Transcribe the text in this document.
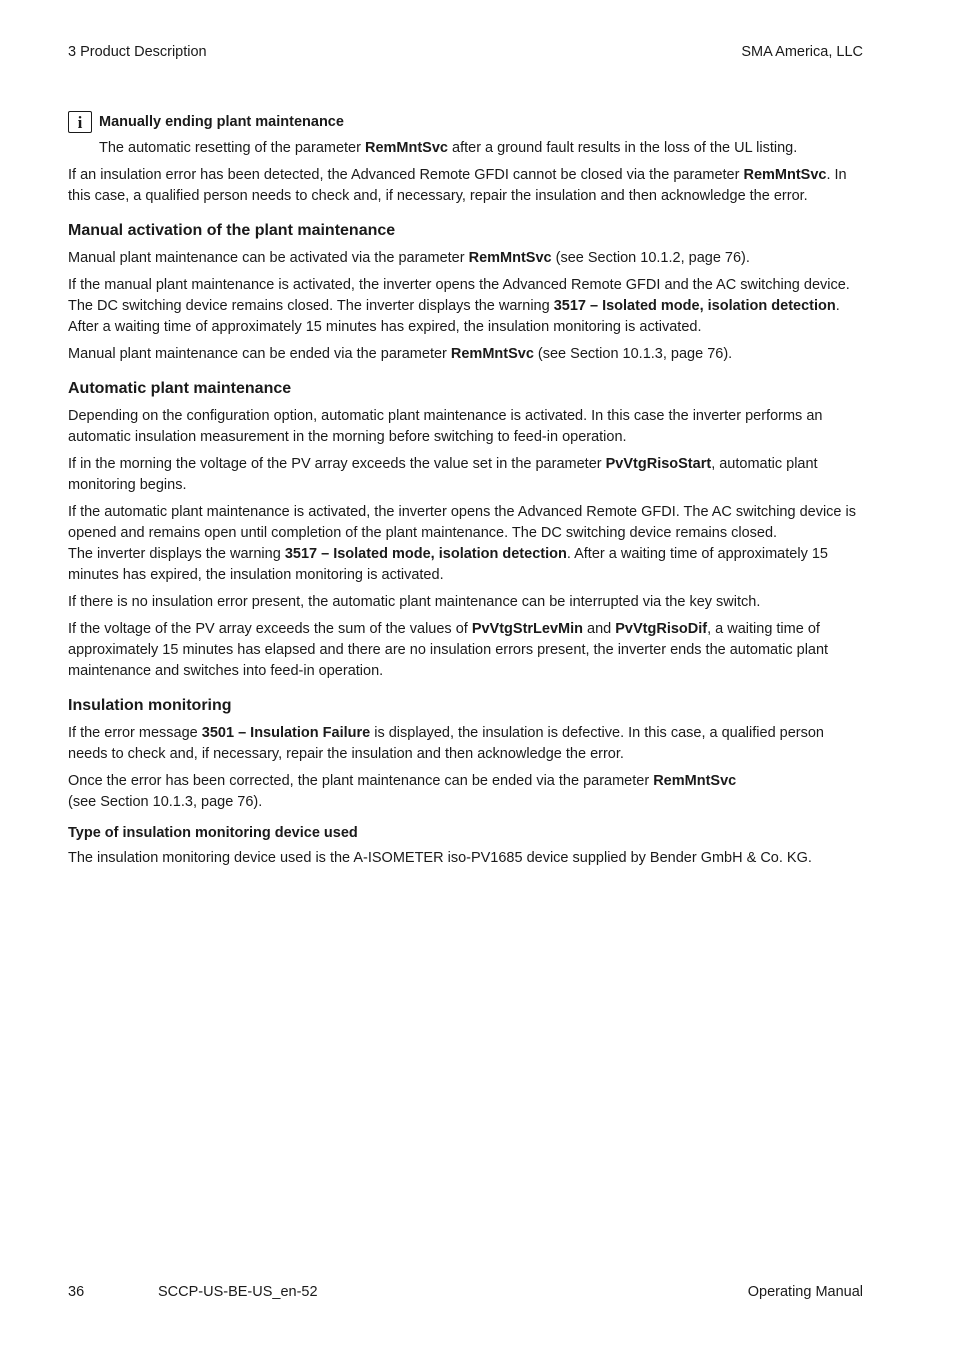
3 Product Description	SMA America, LLC
i	Manually ending plant maintenance

The automatic resetting of the parameter RemMntSvc after a ground fault results in the loss of the UL listing.

If an insulation error has been detected, the Advanced Remote GFDI cannot be closed via the parameter RemMntSvc. In this case, a qualified person needs to check and, if necessary, repair the insulation and then acknowledge the error.

Manual activation of the plant maintenance

Manual plant maintenance can be activated via the parameter RemMntSvc (see Section 10.1.2, page 76).

If the manual plant maintenance is activated, the inverter opens the Advanced Remote GFDI and the AC switching device. The DC switching device remains closed. The inverter displays the warning 3517 – Isolated mode, isolation detection. After a waiting time of approximately 15 minutes has expired, the insulation monitoring is activated.

Manual plant maintenance can be ended via the parameter RemMntSvc (see Section 10.1.3, page 76).

Automatic plant maintenance

Depending on the configuration option, automatic plant maintenance is activated. In this case the inverter performs an automatic insulation measurement in the morning before switching to feed-in operation.

If in the morning the voltage of the PV array exceeds the value set in the parameter PvVtgRisoStart, automatic plant monitoring begins.

If the automatic plant maintenance is activated, the inverter opens the Advanced Remote GFDI. The AC switching device is opened and remains open until completion of the plant maintenance. The DC switching device remains closed.
The inverter displays the warning 3517 – Isolated mode, isolation detection. After a waiting time of approximately 15 minutes has expired, the insulation monitoring is activated.

If there is no insulation error present, the automatic plant maintenance can be interrupted via the key switch.

If the voltage of the PV array exceeds the sum of the values of PvVtgStrLevMin and PvVtgRisoDif, a waiting time of approximately 15 minutes has elapsed and there are no insulation errors present, the inverter ends the automatic plant maintenance and switches into feed-in operation.

Insulation monitoring

If the error message 3501 – Insulation Failure is displayed, the insulation is defective. In this case, a qualified person needs to check and, if necessary, repair the insulation and then acknowledge the error.

Once the error has been corrected, the plant maintenance can be ended via the parameter RemMntSvc
(see Section 10.1.3, page 76).

Type of insulation monitoring device used

The insulation monitoring device used is the A-ISOMETER iso-PV1685 device supplied by Bender GmbH & Co. KG.

36	SCCP-US-BE-US_en-52	Operating Manual
